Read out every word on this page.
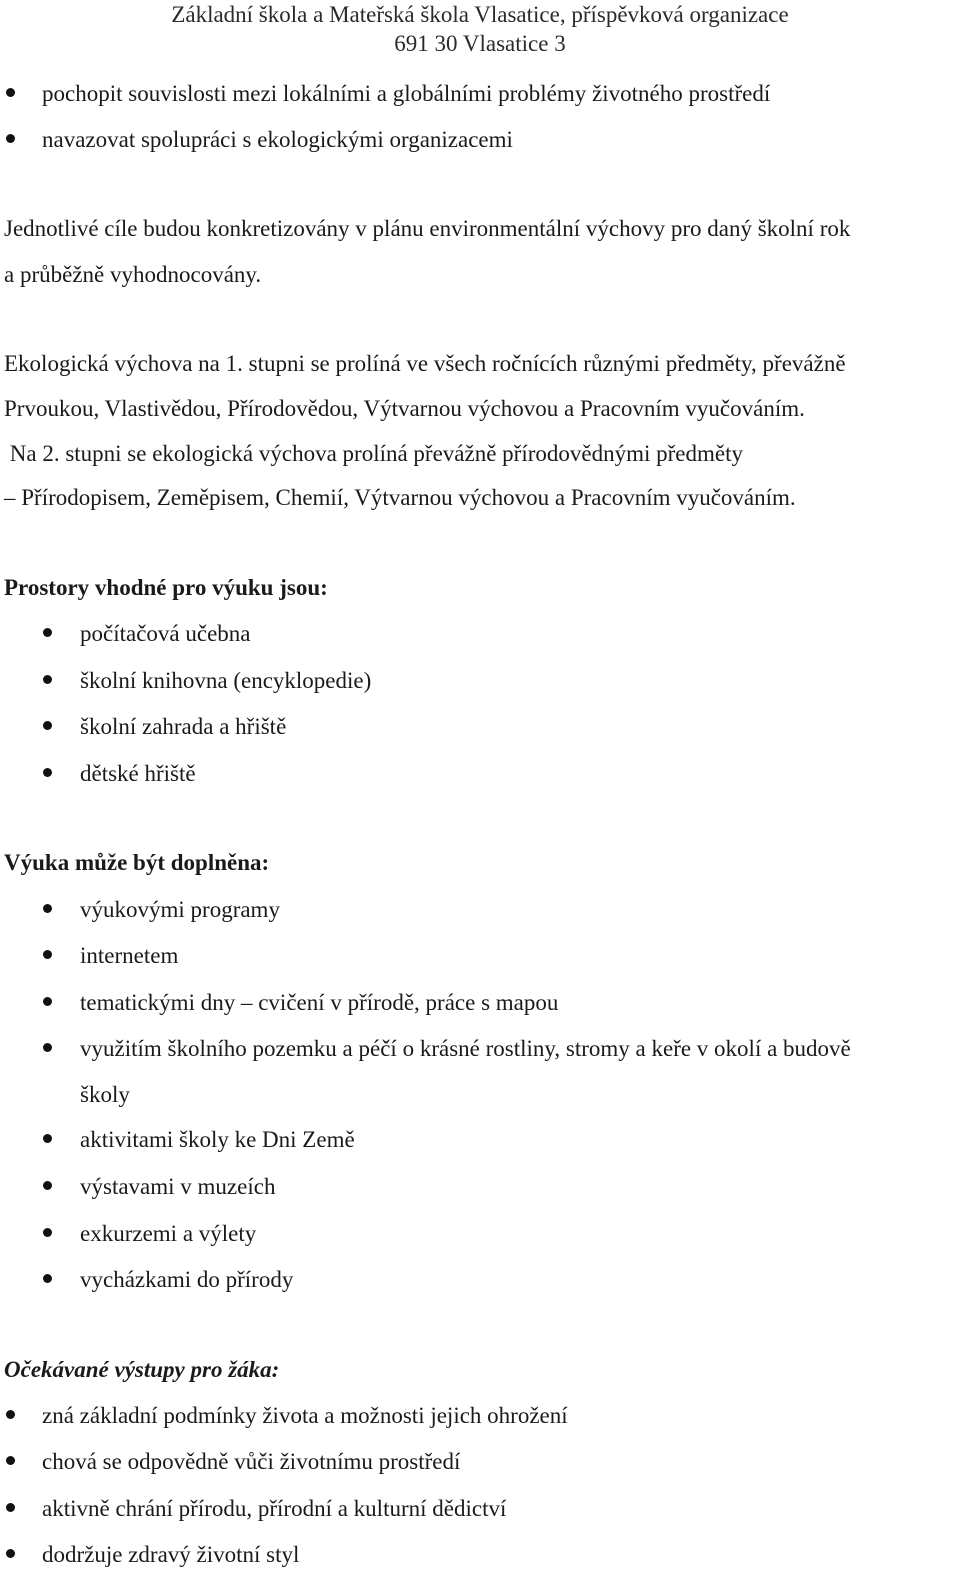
Základní škola a Mateřská škola Vlasatice, příspěvková organizace
691 30 Vlasatice 3
pochopit souvislosti mezi lokálními a globálními problémy životného prostředí
navazovat spolupráci s ekologickými organizacemi
Jednotlivé cíle budou konkretizovány v plánu environmentální výchovy pro daný školní rok
a průběžně vyhodnocovány.
Ekologická výchova na 1. stupni se prolíná ve všech ročnících různými předměty, převážně
Prvoukou, Vlastivědou, Přírodovědou, Výtvarnou výchovou a Pracovním vyučováním.
Na 2. stupni se ekologická výchova prolíná převážně přírodovědnými předměty
– Přírodopisem, Zeměpisem, Chemií, Výtvarnou výchovou a Pracovním vyučováním.
Prostory vhodné pro výuku jsou:
počítačová učebna
školní knihovna (encyklopedie)
školní zahrada a hřiště
dětské hřiště
Výuka může být doplněna:
výukovými programy
internetem
tematickými dny – cvičení v přírodě, práce s mapou
využitím školního pozemku a péčí o krásné rostliny, stromy a keře v okolí a budově
školy
aktivitami školy ke Dni Země
výstavami v muzeích
exkurzemi a výlety
vycházkami do přírody
Očekávané výstupy pro žáka:
zná základní podmínky života a možnosti jejich ohrožení
chová se odpovědně vůči životnímu prostředí
aktivně chrání přírodu, přírodní a kulturní dědictví
dodržuje zdravý životní styl
